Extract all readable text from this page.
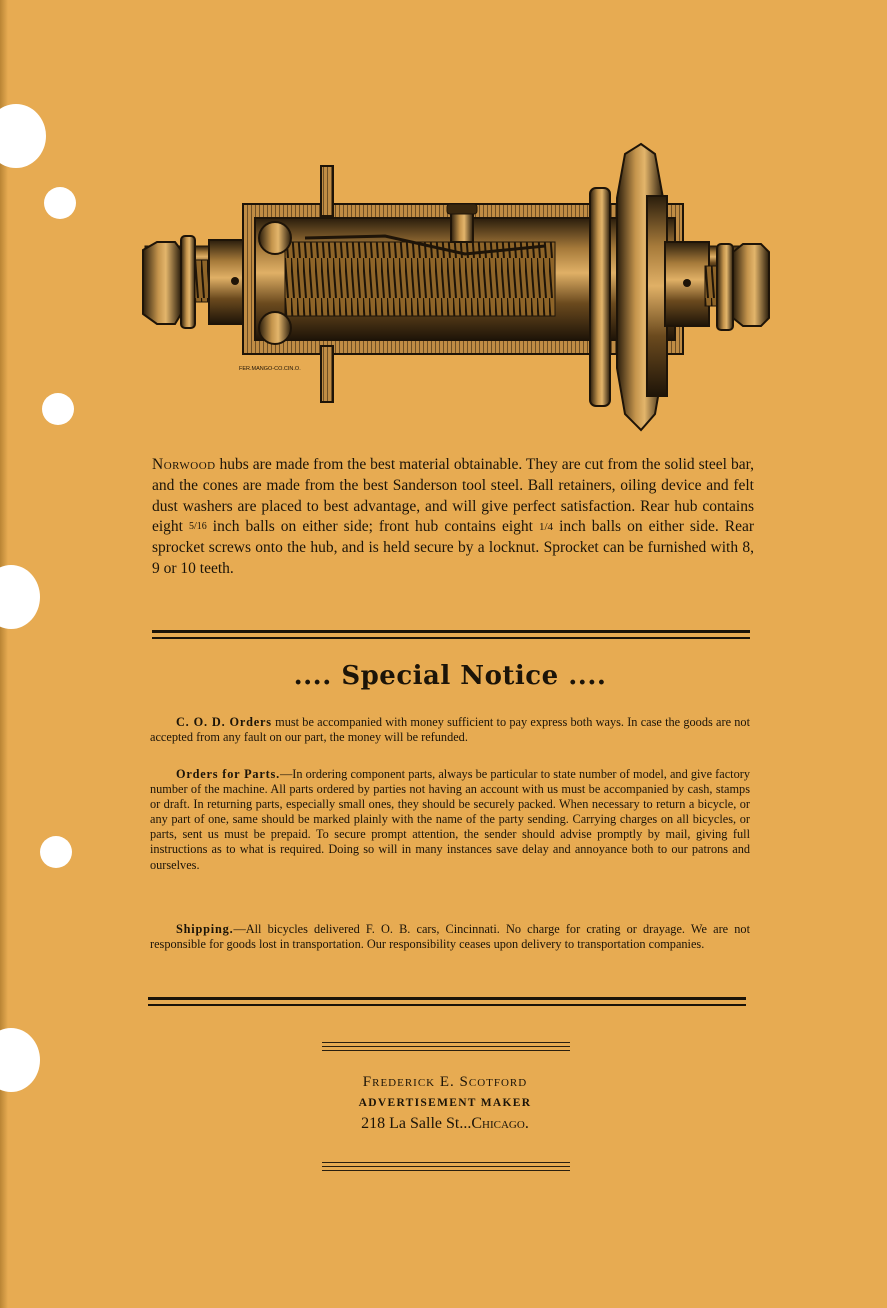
FER.MANGO-CO.CIN.O.

Norwood hubs are made from the best material obtainable. They are cut from the solid steel bar, and the cones are made from the best Sanderson tool steel. Ball retainers, oiling device and felt dust washers are placed to best advantage, and will give perfect satisfaction. Rear hub contains eight 5/16 inch balls on either side; front hub contains eight 1/4 inch balls on either side. Rear sprocket screws onto the hub, and is held secure by a locknut. Sprocket can be furnished with 8, 9 or 10 teeth.

.... Special Notice ....

C. O. D. Orders must be accompanied with money sufficient to pay express both ways. In case the goods are not accepted from any fault on our part, the money will be refunded.

Orders for Parts.—In ordering component parts, always be particular to state number of model, and give factory number of the machine. All parts ordered by parties not having an account with us must be accompanied by cash, stamps or draft. In returning parts, especially small ones, they should be securely packed. When necessary to return a bicycle, or any part of one, same should be marked plainly with the name of the party sending. Carrying charges on all bicycles, or parts, sent us must be prepaid. To secure prompt attention, the sender should advise promptly by mail, giving full instructions as to what is required. Doing so will in many instances save delay and annoyance both to our patrons and ourselves.

Shipping.—All bicycles delivered F. O. B. cars, Cincinnati. No charge for crating or drayage. We are not responsible for goods lost in transportation. Our responsibility ceases upon delivery to transportation companies.

Frederick E. Scotford
ADVERTISEMENT MAKER
218 La Salle St...Chicago.
